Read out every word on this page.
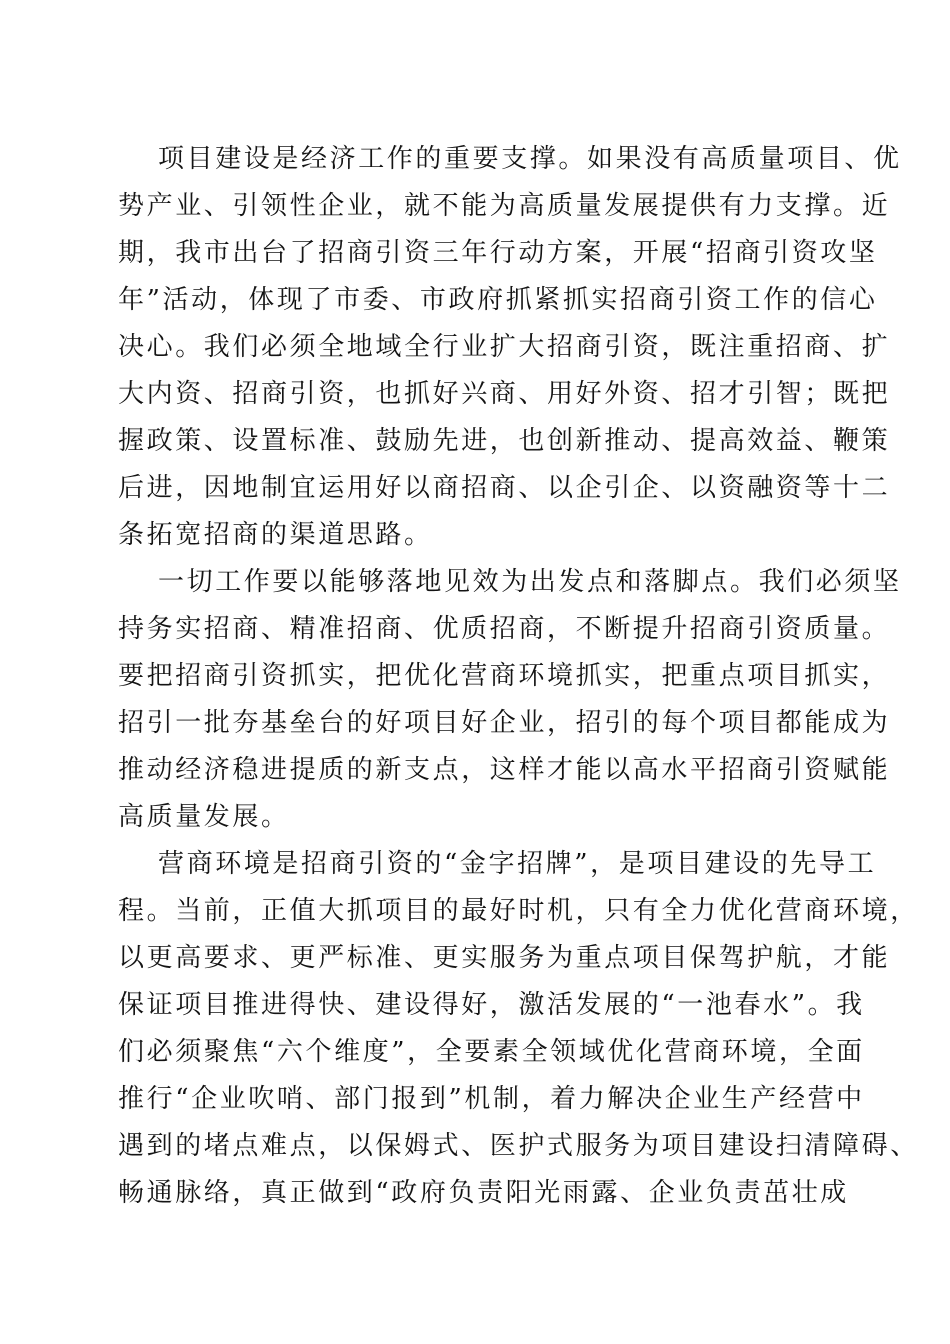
项目建设是经济工作的重要支撑。如果没有高质量项目、优
势产业、引领性企业，就不能为高质量发展提供有力支撑。近
期，我市出台了招商引资三年行动方案，开展“招商引资攻坚
年”活动，体现了市委、市政府抓紧抓实招商引资工作的信心
决心。我们必须全地域全行业扩大招商引资，既注重招商、扩
大内资、招商引资，也抓好兴商、用好外资、招才引智；既把
握政策、设置标准、鼓励先进，也创新推动、提高效益、鞭策
后进，因地制宜运用好以商招商、以企引企、以资融资等十二
条拓宽招商的渠道思路。
一切工作要以能够落地见效为出发点和落脚点。我们必须坚
持务实招商、精准招商、优质招商，不断提升招商引资质量。
要把招商引资抓实，把优化营商环境抓实，把重点项目抓实，
招引一批夯基垒台的好项目好企业，招引的每个项目都能成为
推动经济稳进提质的新支点，这样才能以高水平招商引资赋能
高质量发展。
营商环境是招商引资的“金字招牌”，是项目建设的先导工
程。当前，正值大抓项目的最好时机，只有全力优化营商环境，
以更高要求、更严标准、更实服务为重点项目保驾护航，才能
保证项目推进得快、建设得好，激活发展的“一池春水”。我
们必须聚焦“六个维度”，全要素全领域优化营商环境，全面
推行“企业吹哨、部门报到”机制，着力解决企业生产经营中
遇到的堵点难点，以保姆式、医护式服务为项目建设扫清障碍、
畅通脉络，真正做到“政府负责阳光雨露、企业负责茁壮成
